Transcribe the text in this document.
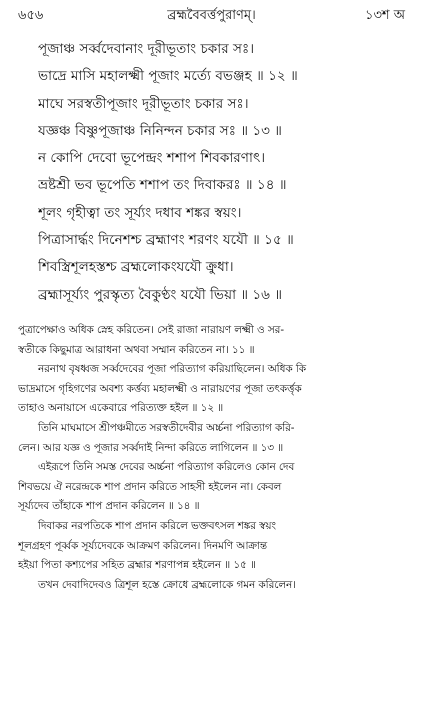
৬৫৬	ব্রহ্মবৈবর্ত্তপুরাণম্।	১৩শ অ
পূজাঞ্চ সর্ব্বদেবানাং দূরীভূতাং চকার সঃ।
ভাদ্রে মাসি মহালক্ষ্মী পূজাং মর্ত্যে বভঞ্জহ ॥ ১২ ॥
মাঘে সরস্বতীপূজাং দূরীভূতাং চকার সঃ।
যজ্ঞঞ্চ বিষ্ণুপূজাঞ্চ নিনিন্দন চকার সঃ ॥ ১৩ ॥
ন কোপি দেবো ভূপেন্দ্রং শশাপ শিবকারণাৎ।
ভ্রষ্টশ্রী ভব ভূপেতি শশাপ তং দিবাকরঃ ॥ ১৪ ॥
শূলং গৃহীত্বা তং সূর্য্যং দধাব শঙ্কর স্বয়ং।
পিত্রাসার্দ্ধং দিনেশশ্চ ব্রহ্মাণং শরণং যযৌ ॥ ১৫ ॥
শিবস্ত্রিশূলহস্তশ্চ ব্রহ্মলোকংযযৌ ক্রুধা।
ব্রহ্মাসূর্য্যং পুরস্কৃত্য বৈকুণ্ঠং যযৌ ভিয়া ॥ ১৬ ॥
পুত্রাপেক্ষাও অধিক স্নেহ করিতেন। সেই রাজা নারায়ণ লক্ষ্মী ও সর-
স্বতীকে কিছুমাত্র আরাধনা অথবা সম্মান করিতেন না। ১১ ॥
নরনাথ বৃষধ্বজ সর্ব্বদেবের পূজা পরিত্যাগ করিয়াছিলেন। অধিক কি
ভাদ্রমাসে গৃহিগণের অবশ্য কর্ত্তব্য মহালক্ষ্মী ও নারায়ণের পূজা তৎকর্ত্তৃক
তাহাও অনায়াসে একেবারে পরিত্যক্ত হইল ॥ ১২ ॥
তিনি মাঘমাসে শ্রীপঞ্চমীতে সরস্বতীদেবীর অর্চ্চনা পরিত্যাগ করি-
লেন। আর যজ্ঞ ও পূজার সর্ব্বদাই নিন্দা করিতে লাগিলেন ॥ ১৩ ॥
এইরূপে তিনি সমস্ত দেবের অর্চ্চনা পরিত্যাগ করিলেও কোন দেব
শিবভয়ে ঐ নরেন্দ্রকে শাপ প্রদান করিতে সাহসী হইলেন না। কেবল
সূর্য্যদেব তাঁহাকে শাপ প্রদান করিলেন ॥ ১৪ ॥
দিবাকর নরপতিকে শাপ প্রদান করিলে ভক্তবৎসল শঙ্কর স্বয়ং
শূলগ্রহণ পূর্ব্বক সূর্য্যদেবকে আক্রমণ করিলেন। দিনমণি আক্রান্ত
হইয়া পিতা কশ্যপের সহিত ব্রহ্মার শরণাপন্ন হইলেন ॥ ১৫ ॥
তখন দেবাদিদেবও ত্রিশূল হস্তে ক্রোধে ব্রহ্মলোকে গমন করিলেন।
